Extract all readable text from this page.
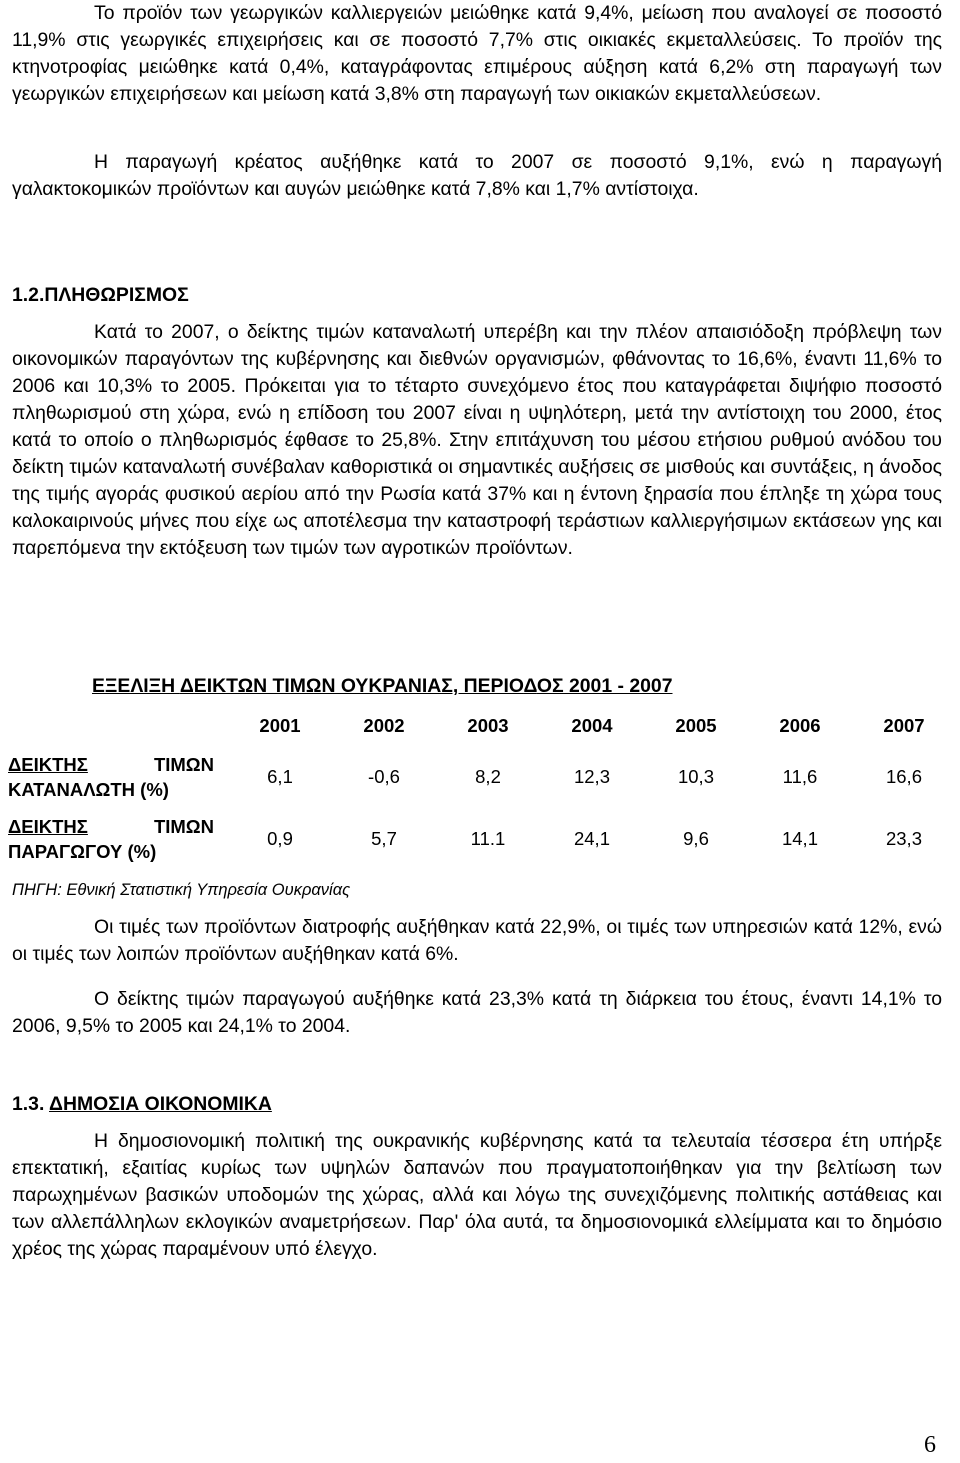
Το προϊόν των γεωργικών καλλιεργειών μειώθηκε κατά 9,4%, μείωση που αναλογεί σε ποσοστό 11,9% στις γεωργικές επιχειρήσεις και σε ποσοστό 7,7% στις οικιακές εκμεταλλεύσεις. Το προϊόν της κτηνοτροφίας μειώθηκε κατά 0,4%, καταγράφοντας επιμέρους αύξηση κατά 6,2% στη παραγωγή των γεωργικών επιχειρήσεων και μείωση κατά 3,8% στη παραγωγή των οικιακών εκμεταλλεύσεων.

Η παραγωγή κρέατος αυξήθηκε κατά το 2007 σε ποσοστό 9,1%, ενώ η παραγωγή γαλακτοκομικών προϊόντων και αυγών μειώθηκε κατά 7,8% και 1,7% αντίστοιχα.

1.2.ΠΛΗΘΩΡΙΣΜΟΣ

Κατά το 2007, ο δείκτης τιμών καταναλωτή υπερέβη και την πλέον απαισιόδοξη πρόβλεψη των οικονομικών παραγόντων της κυβέρνησης και διεθνών οργανισμών, φθάνοντας το 16,6%, έναντι 11,6% το 2006 και 10,3% το 2005. Πρόκειται για το τέταρτο συνεχόμενο έτος που καταγράφεται διψήφιο ποσοστό πληθωρισμού στη χώρα, ενώ η επίδοση του 2007 είναι η υψηλότερη, μετά την αντίστοιχη του 2000, έτος κατά το οποίο ο πληθωρισμός έφθασε το 25,8%. Στην επιτάχυνση του μέσου ετήσιου ρυθμού ανόδου του δείκτη τιμών καταναλωτή συνέβαλαν καθοριστικά οι σημαντικές αυξήσεις σε μισθούς και συντάξεις, η άνοδος της τιμής αγοράς φυσικού αερίου από την Ρωσία κατά 37% και η έντονη ξηρασία που έπληξε τη χώρα τους καλοκαιρινούς μήνες που είχε ως αποτέλεσμα την καταστροφή τεράστιων καλλιεργήσιμων εκτάσεων γης και παρεπόμενα την εκτόξευση των τιμών των αγροτικών προϊόντων.

ΕΞΕΛΙΞΗ ΔΕΙΚΤΩΝ ΤΙΜΩΝ ΟΥΚΡΑΝΙΑΣ, ΠΕΡΙΟΔΟΣ 2001 - 2007
	2001	2002	2003	2004	2005	2006	2007

ΔΕΙΚΤΗΣ ΤΙΜΩΝ
ΚΑΤΑΝΑΛΩΤΗ (%)	6,1	-0,6	8,2	12,3	10,3	11,6	16,6

ΔΕΙΚΤΗΣ ΤΙΜΩΝ
ΠΑΡΑΓΩΓΟΥ (%)	0,9	5,7	11.1	24,1	9,6	14,1	23,3
ΠΗΓΗ: Εθνική Στατιστική Υπηρεσία Ουκρανίας

Οι τιμές των προϊόντων διατροφής αυξήθηκαν κατά 22,9%, οι τιμές των υπηρεσιών κατά 12%, ενώ οι τιμές των λοιπών προϊόντων αυξήθηκαν κατά 6%.

Ο δείκτης τιμών παραγωγού αυξήθηκε κατά 23,3% κατά τη διάρκεια του έτους, έναντι 14,1% το 2006, 9,5% το 2005 και 24,1% το 2004.

1.3. ΔΗΜΟΣΙΑ ΟΙΚΟΝΟΜΙΚΑ

Η δημοσιονομική πολιτική της ουκρανικής κυβέρνησης κατά τα τελευταία τέσσερα έτη υπήρξε επεκτατική, εξαιτίας κυρίως των υψηλών δαπανών που πραγματοποιήθηκαν για την βελτίωση των παρωχημένων βασικών υποδομών της χώρας, αλλά και λόγω της συνεχιζόμενης πολιτικής αστάθειας και των αλλεπάλληλων εκλογικών αναμετρήσεων. Παρ' όλα αυτά, τα δημοσιονομικά ελλείμματα και το δημόσιο χρέος της χώρας παραμένουν υπό έλεγχο.

6
